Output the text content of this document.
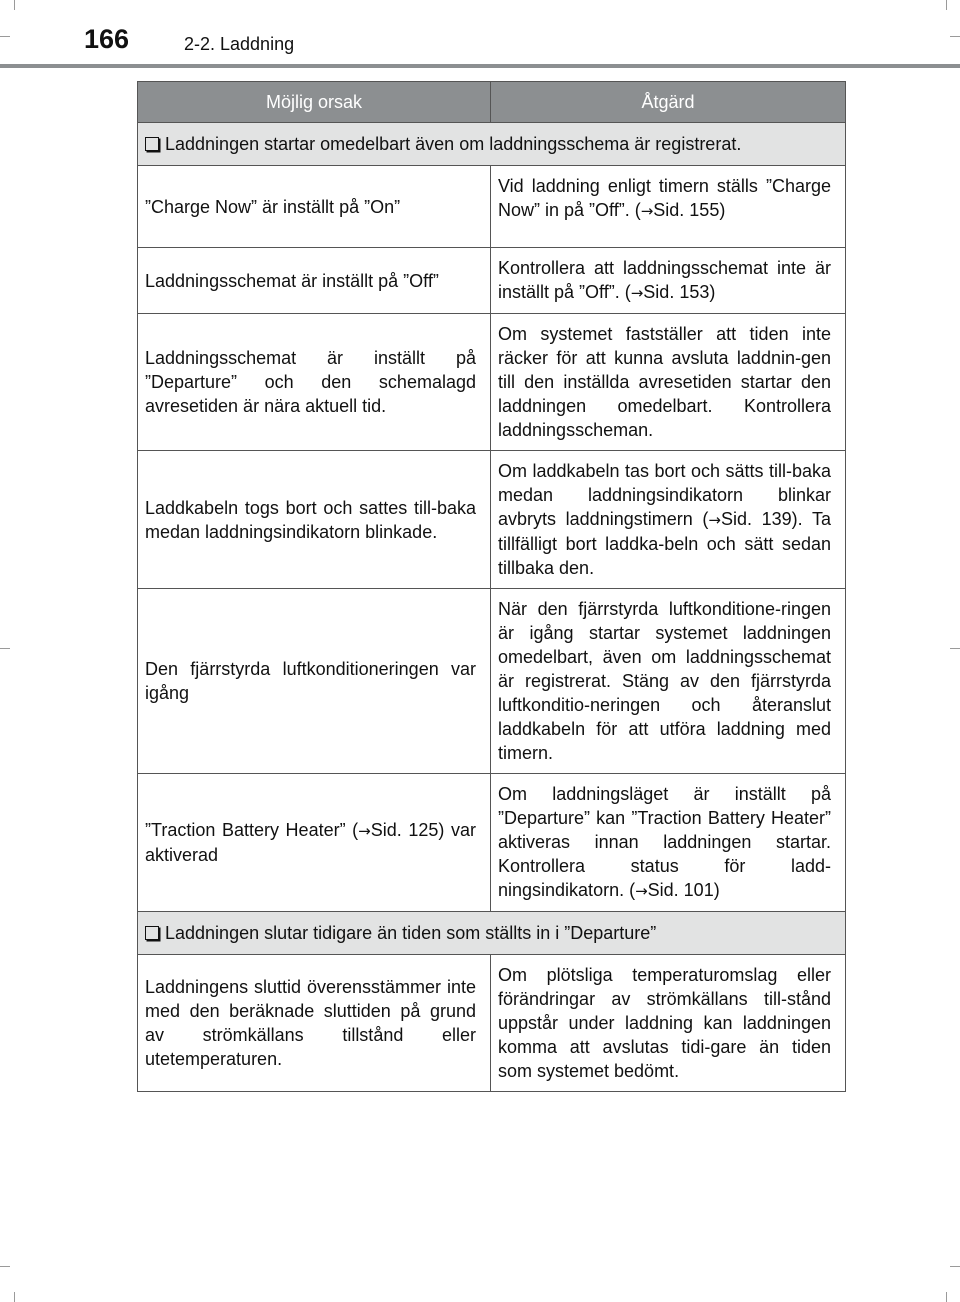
166	2-2. Laddning
Möjlig orsak	Åtgärd
Laddningen startar omedelbart även om laddningsschema är registrerat.	
”Charge Now” är inställt på ”On”	Vid laddning enligt timern ställs ”Charge Now” in på ”Off”. (→Sid. 155)
Laddningsschemat är inställt på ”Off”	Kontrollera att laddningsschemat inte är inställt på ”Off”. (→Sid. 153)
Laddningsschemat är inställt på ”Departure” och den schemalagd avresetiden är nära aktuell tid.	Om systemet fastställer att tiden inte räcker för att kunna avsluta laddnin-gen till den inställda avresetiden startar den laddningen omedelbart. Kontrollera laddningsscheman.
Laddkabeln togs bort och sattes till-baka medan laddningsindikatorn blinkade.	Om laddkabeln tas bort och sätts till-baka medan laddningsindikatorn blinkar avbryts laddningstimern (→Sid. 139). Ta tillfälligt bort laddka-beln och sätt sedan tillbaka den.
Den fjärrstyrda luftkonditioneringen var igång	När den fjärrstyrda luftkonditione-ringen är igång startar systemet laddningen omedelbart, även om laddningsschemat är registrerat. Stäng av den fjärrstyrda luftkonditio-neringen och återanslut laddkabeln för att utföra laddning med timern.
”Traction Battery Heater” (→Sid. 125) var aktiverad	Om laddningsläget är inställt på ”Departure” kan ”Traction Battery Heater” aktiveras innan laddningen startar. Kontrollera status för ladd-ningsindikatorn. (→Sid. 101)
Laddningen slutar tidigare än tiden som ställts in i ”Departure”	
Laddningens sluttid överensstämmer inte med den beräknade sluttiden på grund av strömkällans tillstånd eller utetemperaturen.	Om plötsliga temperaturomslag eller förändringar av strömkällans till-stånd uppstår under laddning kan laddningen komma att avslutas tidi-gare än tiden som systemet bedömt.
